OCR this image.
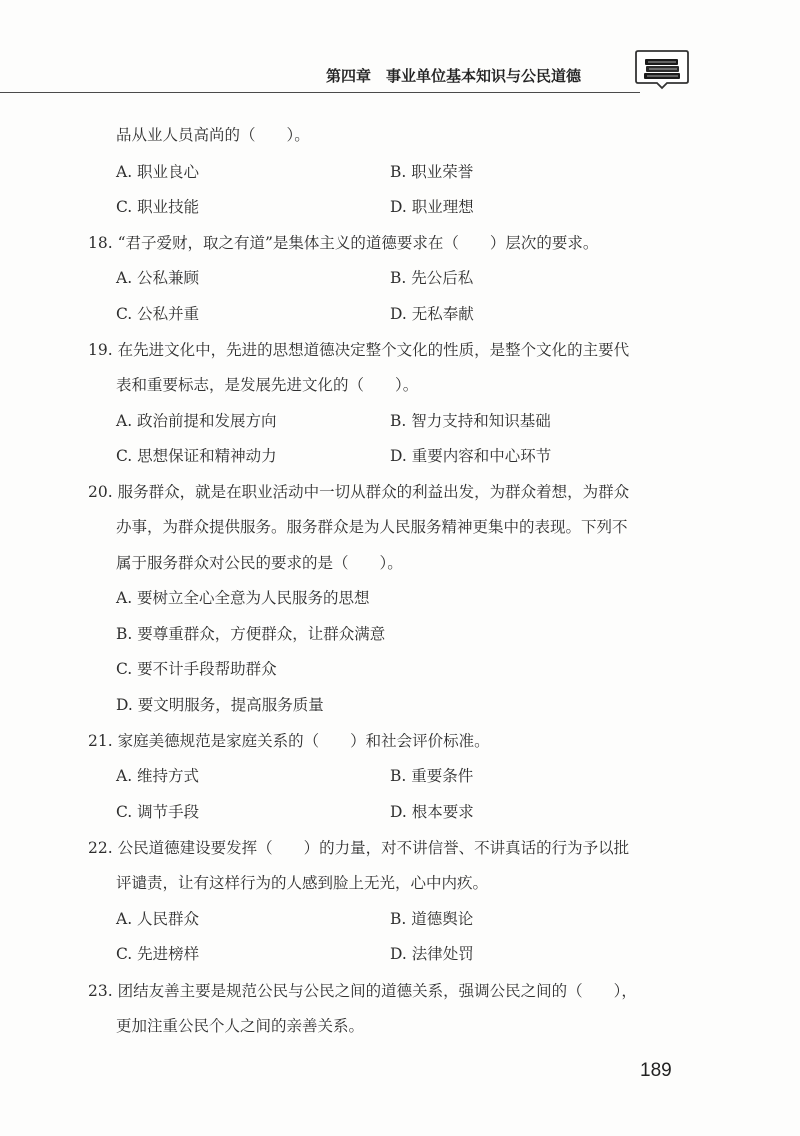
第四章　事业单位基本知识与公民道德
品从业人员高尚的（　　）。
A. 职业良心	B. 职业荣誉
C. 职业技能	D. 职业理想
18. “君子爱财，取之有道”是集体主义的道德要求在（　　）层次的要求。
A. 公私兼顾	B. 先公后私
C. 公私并重	D. 无私奉献
19. 在先进文化中，先进的思想道德决定整个文化的性质，是整个文化的主要代
表和重要标志，是发展先进文化的（　　）。
A. 政治前提和发展方向	B. 智力支持和知识基础
C. 思想保证和精神动力	D. 重要内容和中心环节
20. 服务群众，就是在职业活动中一切从群众的利益出发，为群众着想，为群众
办事，为群众提供服务。服务群众是为人民服务精神更集中的表现。下列不
属于服务群众对公民的要求的是（　　）。
A. 要树立全心全意为人民服务的思想
B. 要尊重群众，方便群众，让群众满意
C. 要不计手段帮助群众
D. 要文明服务，提高服务质量
21. 家庭美德规范是家庭关系的（　　）和社会评价标准。
A. 维持方式	B. 重要条件
C. 调节手段	D. 根本要求
22. 公民道德建设要发挥（　　）的力量，对不讲信誉、不讲真话的行为予以批
评谴责，让有这样行为的人感到脸上无光，心中内疚。
A. 人民群众	B. 道德舆论
C. 先进榜样	D. 法律处罚
23. 团结友善主要是规范公民与公民之间的道德关系，强调公民之间的（　　），
更加注重公民个人之间的亲善关系。
189
